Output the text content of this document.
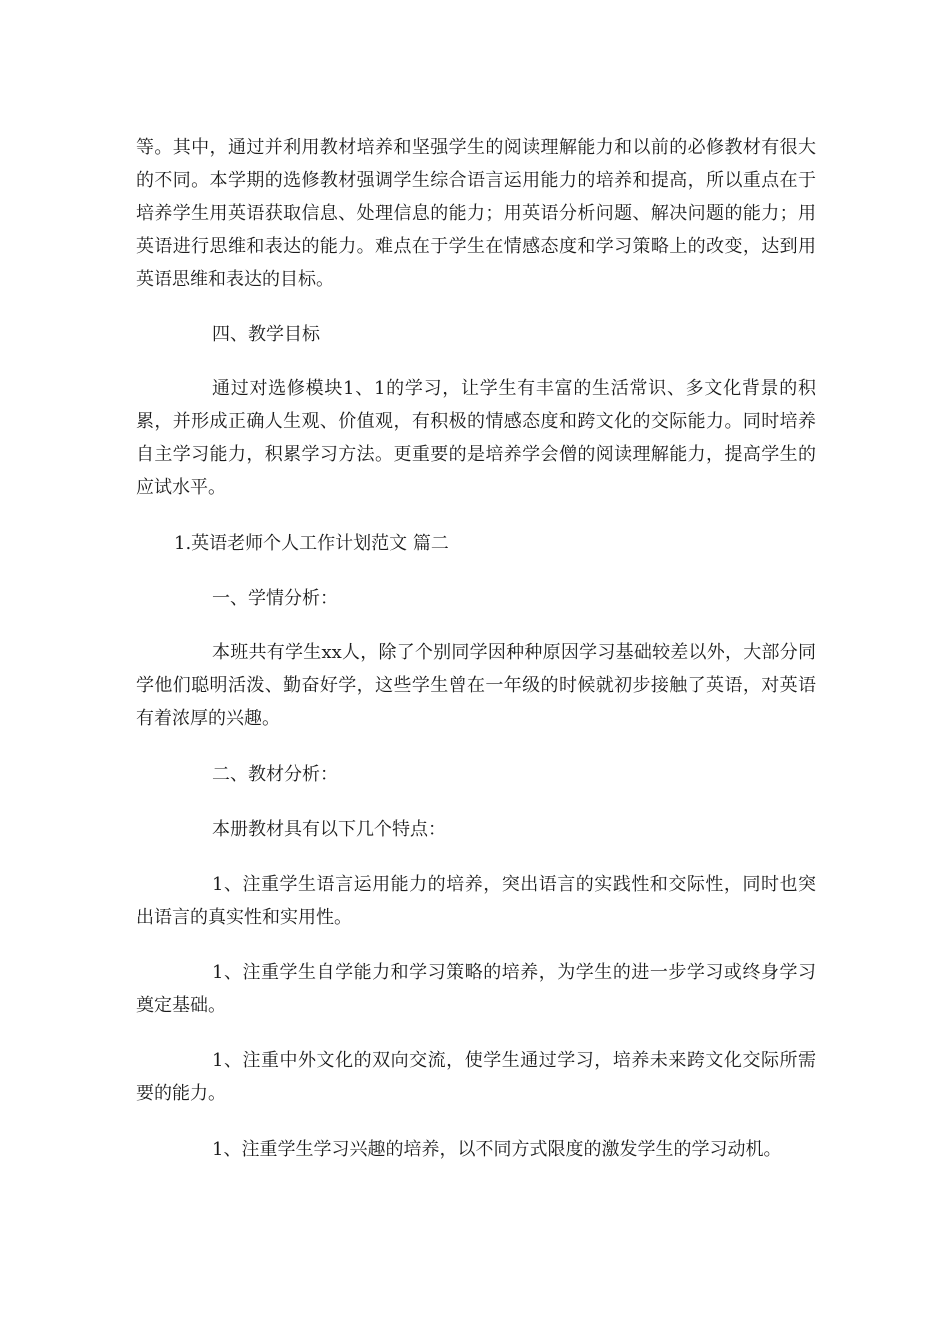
等。其中，通过并利用教材培养和坚强学生的阅读理解能力和以前的必修教材有很大的不同。本学期的选修教材强调学生综合语言运用能力的培养和提高，所以重点在于培养学生用英语获取信息、处理信息的能力；用英语分析问题、解决问题的能力；用英语进行思维和表达的能力。难点在于学生在情感态度和学习策略上的改变，达到用英语思维和表达的目标。

四、教学目标

通过对选修模块1、1的学习，让学生有丰富的生活常识、多文化背景的积累，并形成正确人生观、价值观，有积极的情感态度和跨文化的交际能力。同时培养自主学习能力，积累学习方法。更重要的是培养学会僧的阅读理解能力，提高学生的应试水平。

1.英语老师个人工作计划范文 篇二

一、学情分析：

本班共有学生xx人，除了个别同学因种种原因学习基础较差以外，大部分同学他们聪明活泼、勤奋好学，这些学生曾在一年级的时候就初步接触了英语，对英语有着浓厚的兴趣。

二、教材分析：

本册教材具有以下几个特点：

1、注重学生语言运用能力的培养，突出语言的实践性和交际性，同时也突出语言的真实性和实用性。

1、注重学生自学能力和学习策略的培养，为学生的进一步学习或终身学习奠定基础。

1、注重中外文化的双向交流，使学生通过学习，培养未来跨文化交际所需要的能力。

1、注重学生学习兴趣的培养，以不同方式限度的激发学生的学习动机。
